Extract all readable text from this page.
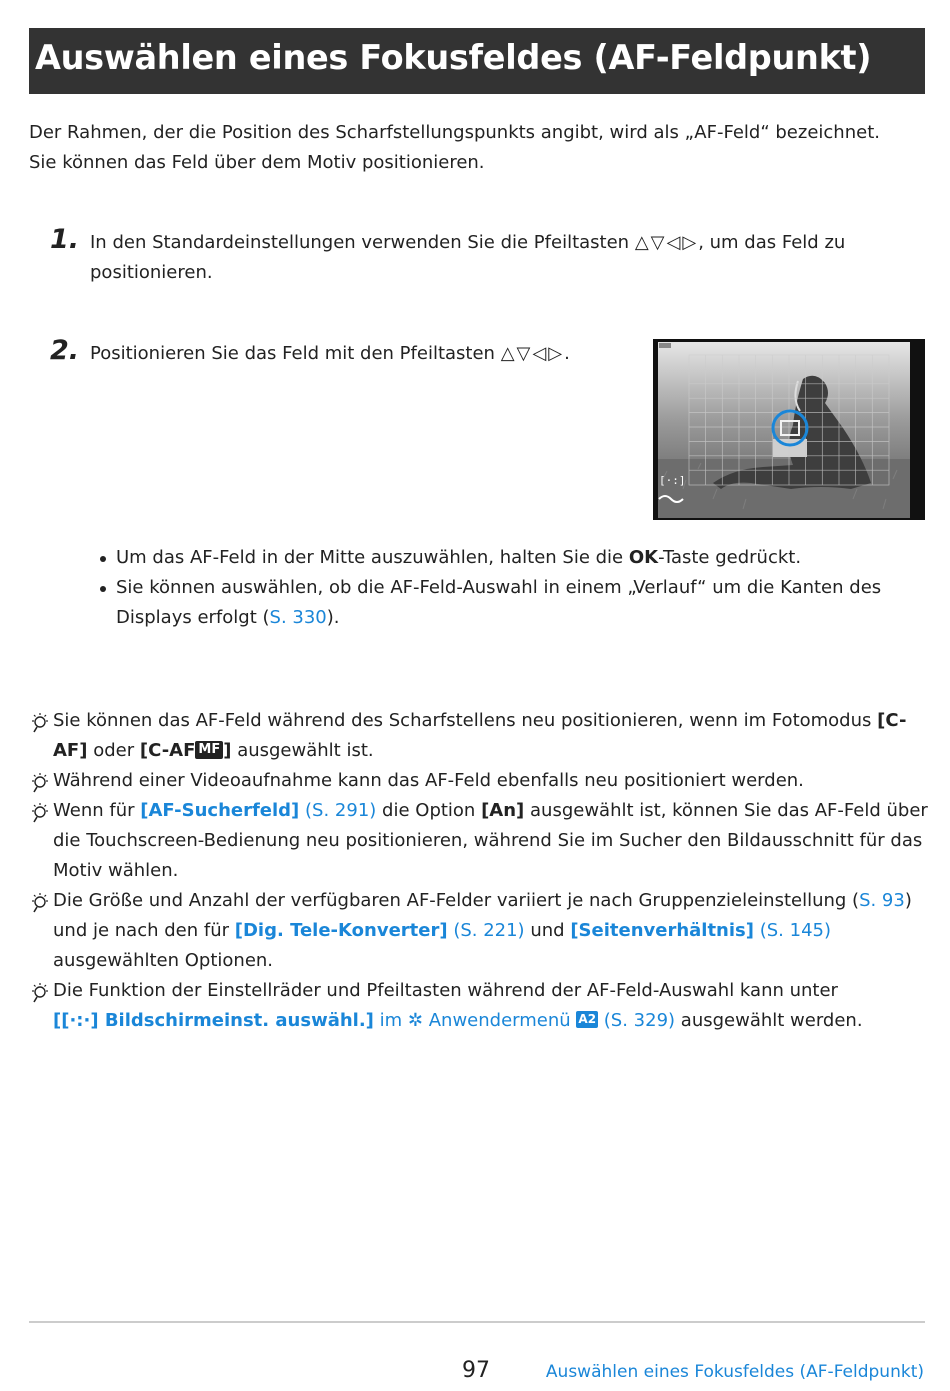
Auswählen eines Fokusfeldes (AF-Feldpunkt)
Der Rahmen, der die Position des Scharfstellungspunkts angibt, wird als „AF-Feld“ bezeichnet. Sie können das Feld über dem Motiv positionieren.
1. In den Standardeinstellungen verwenden Sie die Pfeiltasten △▽◁▷, um das Feld zu
positionieren.
2. Positionieren Sie das Feld mit den Pfeiltasten △▽◁▷.
[·:]
Um das AF-Feld in der Mitte auszuwählen, halten Sie die OK-Taste gedrückt.
Sie können auswählen, ob die AF-Feld-Auswahl in einem „Verlauf“ um die Kanten des Displays erfolgt (S. 330).
Sie können das AF-Feld während des Scharfstellens neu positionieren, wenn im Fotomodus [C-AF] oder [C-AF MF ] ausgewählt ist.
Während einer Videoaufnahme kann das AF-Feld ebenfalls neu positioniert werden.
Wenn für [AF-Sucherfeld] (S. 291) die Option [An] ausgewählt ist, können Sie das AF-Feld über die Touchscreen-Bedienung neu positionieren, während Sie im Sucher den Bildausschnitt für das Motiv wählen.
Die Größe und Anzahl der verfügbaren AF-Felder variiert je nach Gruppenzieleinstellung (S. 93) und je nach den für [Dig. Tele-Konverter] (S. 221) und [Seitenverhältnis] (S. 145) ausgewählten Optionen.
Die Funktion der Einstellräder und Pfeiltasten während der AF-Feld-Auswahl kann unter
[[·:·] Bildschirmeinst. auswähl.] im ✲ Anwendermenü A2 (S. 329) ausgewählt werden.
97	Auswählen eines Fokusfeldes (AF-Feldpunkt)
